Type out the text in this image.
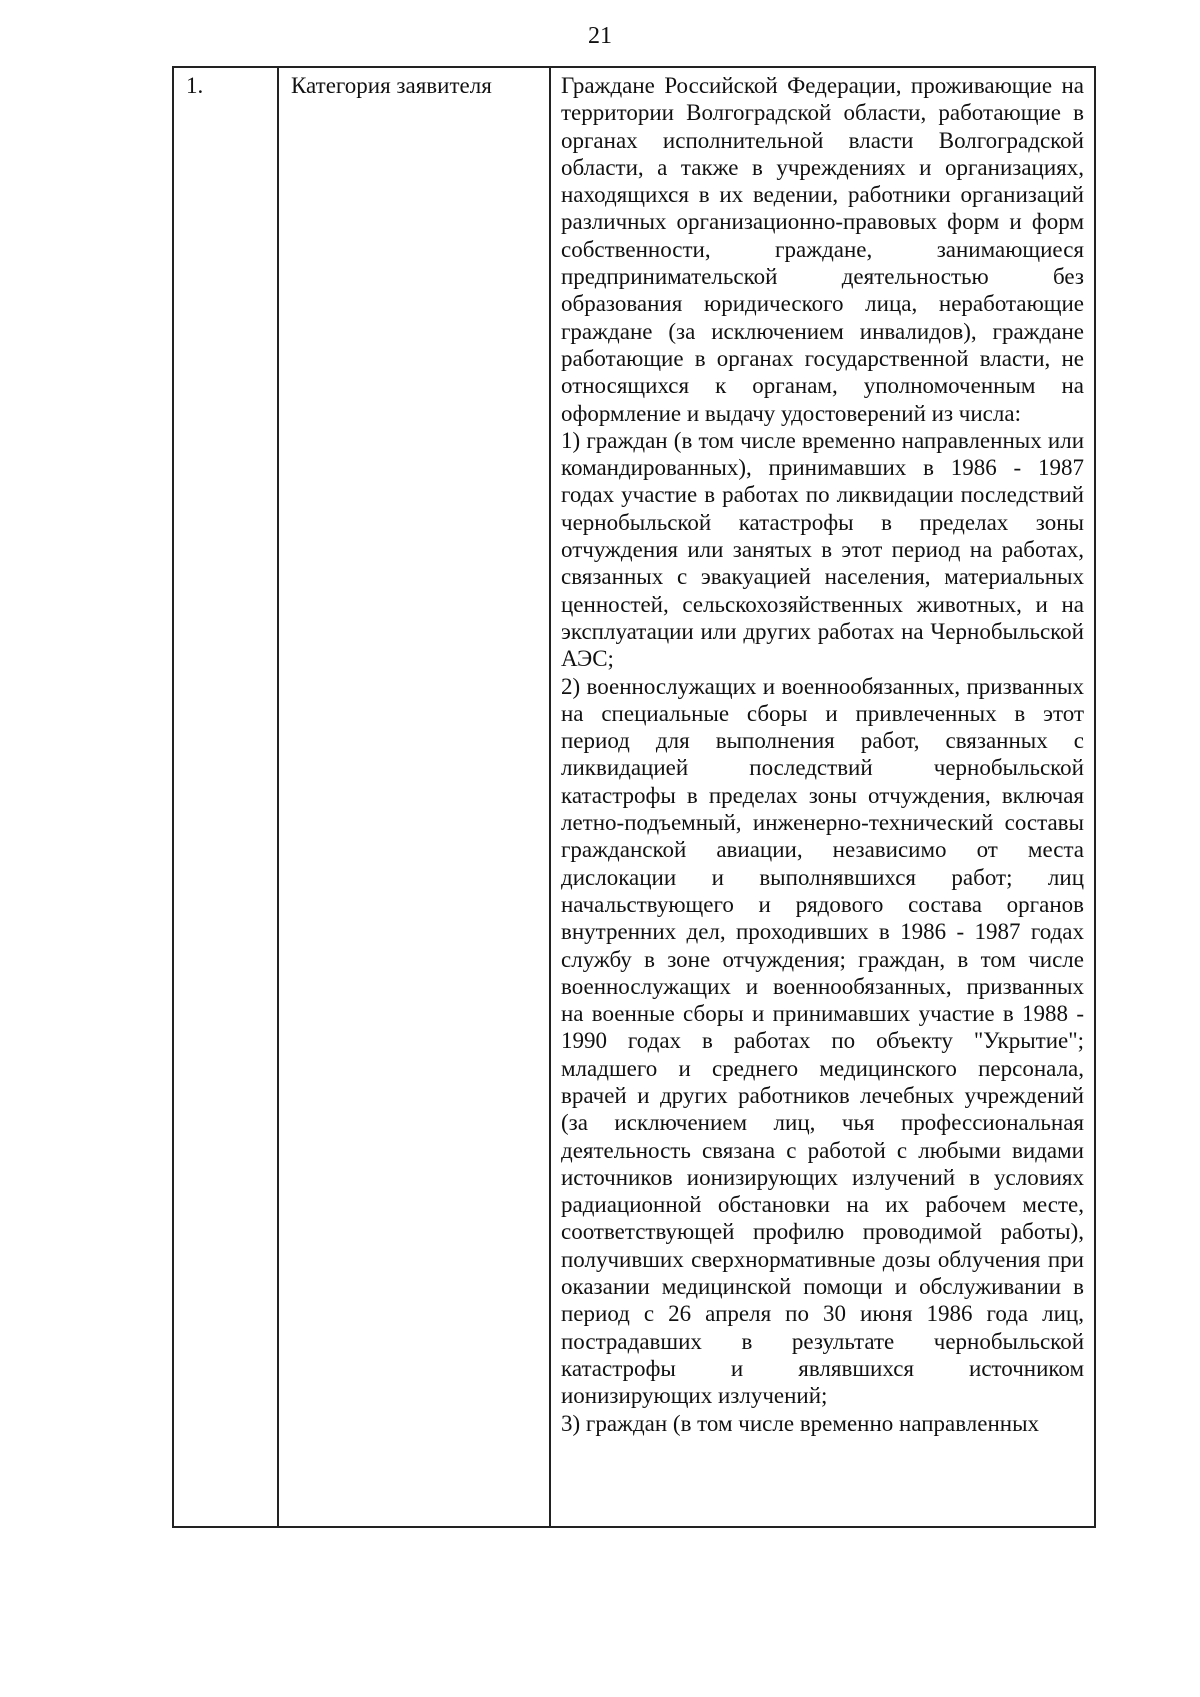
21
1.	Категория заявителя	Граждане Российской Федерации, проживающие на территории Волгоградской области, работающие в органах исполнительной власти Волгоградской области, а также в учреждениях и организациях, находящихся в их ведении, работники организаций различных организационно-правовых форм и форм собственности, граждане, занимающиеся предпринимательской деятельностью без образования юридического лица, неработающие граждане (за исключением инвалидов), граждане работающие в органах государственной власти, не относящихся к органам, уполномоченным на оформление и выдачу удостоверений из числа:

1) граждан (в том числе временно направленных или командированных), принимавших в 1986 - 1987 годах участие в работах по ликвидации последствий чернобыльской катастрофы в пределах зоны отчуждения или занятых в этот период на работах, связанных с эвакуацией населения, материальных ценностей, сельскохозяйственных животных, и на эксплуатации или других работах на Чернобыльской АЭС;

2) военнослужащих и военнообязанных, призванных на специальные сборы и привлеченных в этот период для выполнения работ, связанных с ликвидацией последствий чернобыльской катастрофы в пределах зоны отчуждения, включая летно-подъемный, инженерно-технический составы гражданской авиации, независимо от места дислокации и выполнявшихся работ; лиц начальствующего и рядового состава органов внутренних дел, проходивших в 1986 - 1987 годах службу в зоне отчуждения; граждан, в том числе военнослужащих и военнообязанных, призванных на военные сборы и принимавших участие в 1988 - 1990 годах в работах по объекту "Укрытие"; младшего и среднего медицинского персонала, врачей и других работников лечебных учреждений (за исключением лиц, чья профессиональная деятельность связана с работой с любыми видами источников ионизирующих излучений в условиях радиационной обстановки на их рабочем месте, соответствующей профилю проводимой работы), получивших сверхнормативные дозы облучения при оказании медицинской помощи и обслуживании в период с 26 апреля по 30 июня 1986 года лиц, пострадавших в результате чернобыльской катастрофы и являвшихся источником ионизирующих излучений;

3) граждан (в том числе временно направленных
